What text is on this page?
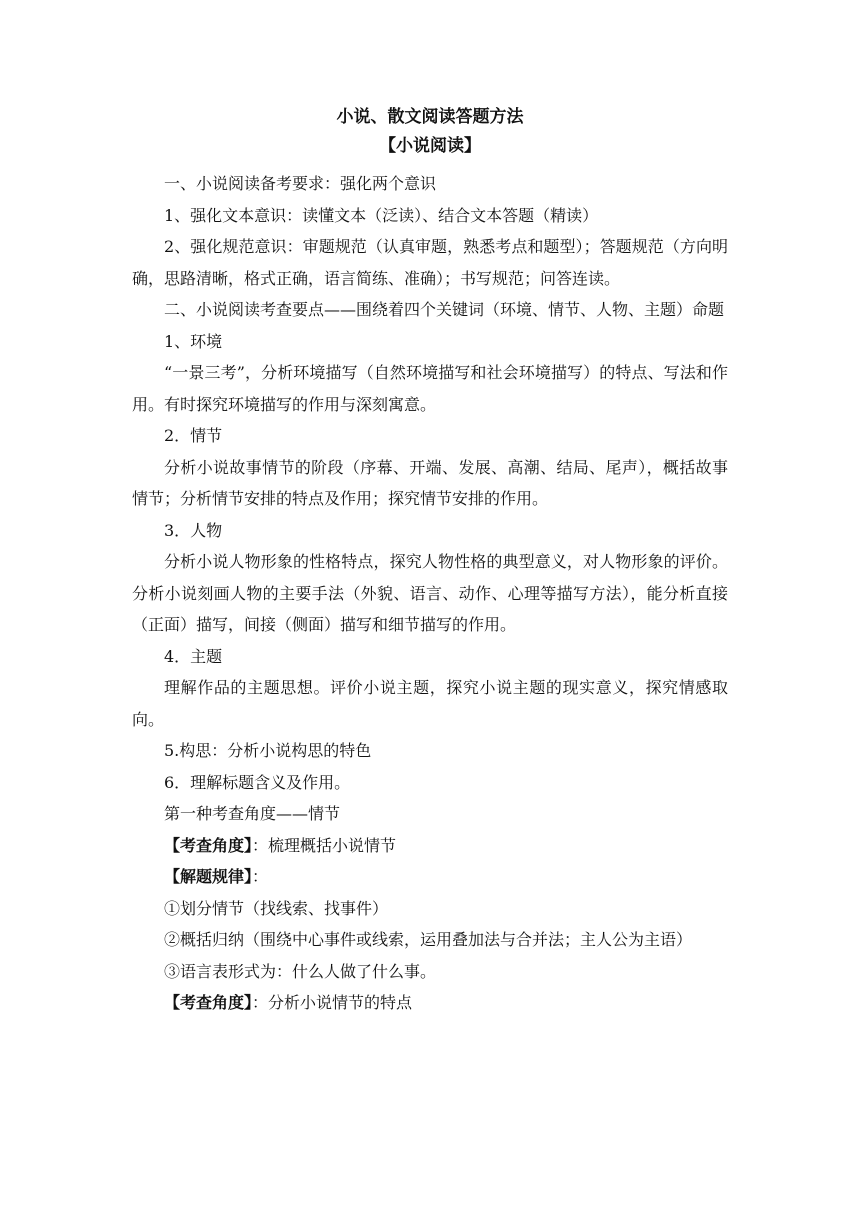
小说、散文阅读答题方法
【小说阅读】

一、小说阅读备考要求：强化两个意识

1、强化文本意识：读懂文本（泛读）、结合文本答题（精读）

2、强化规范意识：审题规范（认真审题，熟悉考点和题型）；答题规范（方向明确，思路清晰，格式正确，语言简练、准确）；书写规范；问答连读。

二、小说阅读考查要点——围绕着四个关键词（环境、情节、人物、主题）命题

1、环境

“一景三考”，分析环境描写（自然环境描写和社会环境描写）的特点、写法和作用。有时探究环境描写的作用与深刻寓意。

2．情节

分析小说故事情节的阶段（序幕、开端、发展、高潮、结局、尾声），概括故事情节；分析情节安排的特点及作用；探究情节安排的作用。

3．人物

分析小说人物形象的性格特点，探究人物性格的典型意义，对人物形象的评价。分析小说刻画人物的主要手法（外貌、语言、动作、心理等描写方法），能分析直接（正面）描写，间接（侧面）描写和细节描写的作用。

4．主题

理解作品的主题思想。评价小说主题，探究小说主题的现实意义，探究情感取向。

5.构思：分析小说构思的特色

6．理解标题含义及作用。

第一种考查角度——情节

【考查角度】：梳理概括小说情节

【解题规律】：

①划分情节（找线索、找事件）

②概括归纳（围绕中心事件或线索，运用叠加法与合并法；主人公为主语）

③语言表形式为：什么人做了什么事。

【考查角度】：分析小说情节的特点
